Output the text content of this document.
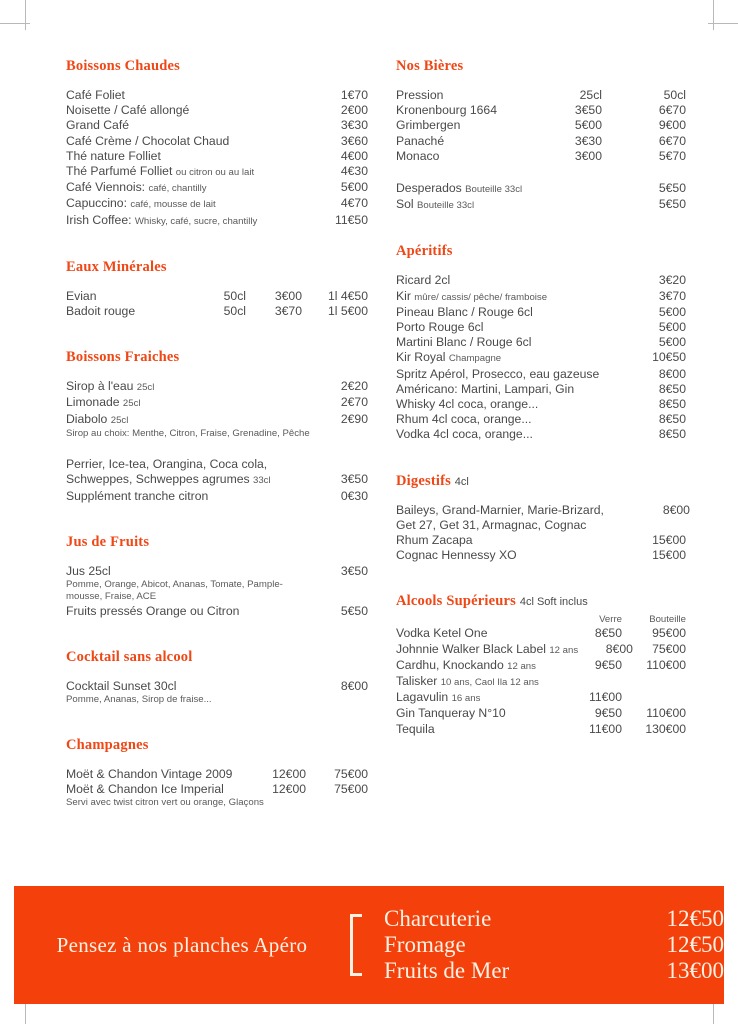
Boissons Chaudes
Café Foliet	1€70
Noisette / Café allongé	2€00
Grand Café	3€30
Café Crème / Chocolat Chaud	3€60
Thé nature Folliet	4€00
Thé Parfumé Folliet ou citron ou au lait	4€30
Café Viennois: café, chantilly	5€00
Capuccino: café, mousse de lait	4€70
Irish Coffee: Whisky, café, sucre, chantilly	11€50
Eaux Minérales
Evian	50cl	3€00	1l 4€50
Badoit rouge	50cl	3€70	1l 5€00
Boissons Fraiches
Sirop à l'eau 25cl	2€20
Limonade 25cl	2€70
Diabolo 25cl	2€90
Sirop au choix: Menthe, Citron, Fraise, Grenadine, Pêche
Perrier, Ice-tea, Orangina, Coca cola,
Schweppes, Schweppes agrumes 33cl	3€50
Supplément tranche citron	0€30
Jus de Fruits
Jus 25cl	3€50
Pomme, Orange, Abicot, Ananas, Tomate, Pample-mousse, Fraise, ACE
Fruits pressés Orange ou Citron	5€50
Cocktail sans alcool
Cocktail Sunset 30cl	8€00
Pomme, Ananas, Sirop de fraise...
Champagnes
Moët & Chandon Vintage 2009	12€00	75€00
Moët & Chandon Ice Imperial	12€00	75€00
Servi avec twist citron vert ou orange, Glaçons
Nos Bières
Pression	25cl	50cl
Kronenbourg 1664	3€50	6€70
Grimbergen	5€00	9€00
Panaché	3€30	6€70
Monaco	3€00	5€70
Desperados Bouteille 33cl	5€50
Sol Bouteille 33cl	5€50
Apéritifs
Ricard 2cl	3€20
Kir mûre/ cassis/ pêche/ framboise	3€70
Pineau Blanc / Rouge 6cl	5€00
Porto Rouge 6cl	5€00
Martini Blanc / Rouge 6cl	5€00
Kir Royal Champagne	10€50
Spritz Apérol, Prosecco, eau gazeuse	8€00
Américano: Martini, Lampari, Gin	8€50
Whisky 4cl coca, orange...	8€50
Rhum 4cl coca, orange...	8€50
Vodka 4cl coca, orange...	8€50
Digestifs 4cl
Baileys, Grand-Marnier, Marie-Brizard,	8€00
Get 27, Get 31, Armagnac, Cognac
Rhum Zacapa	15€00
Cognac Hennessy XO	15€00
Alcools Supérieurs 4cl Soft inclus
Verre	Bouteille
Vodka Ketel One	8€50	95€00
Johnnie Walker Black Label 12 ans	8€00	75€00
Cardhu, Knockando 12 ans	9€50	110€00
Talisker 10 ans, Caol Ila 12 ans
Lagavulin 16 ans	11€00
Gin Tanqueray N°10	9€50	110€00
Tequila	11€00	130€00
Pensez à nos planches Apéro
Charcuterie	12€50
Fromage	12€50
Fruits de Mer	13€00
